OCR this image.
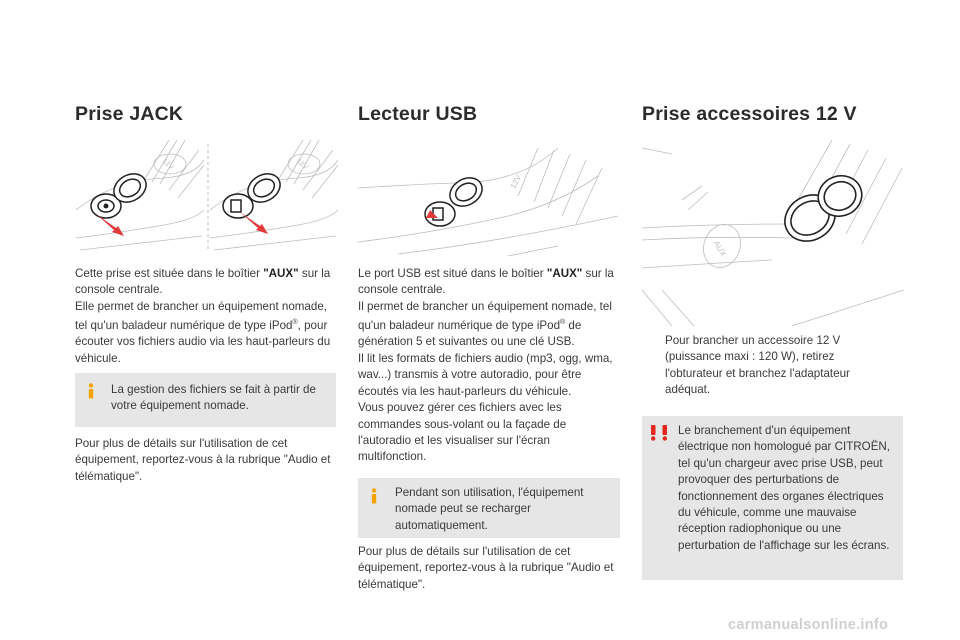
Prise JACK
12V	12V
Cette prise est située dans le boîtier "AUX" sur la console centrale.
Elle permet de brancher un équipement nomade, tel qu'un baladeur numérique de type iPod®, pour écouter vos fichiers audio via les haut-parleurs du véhicule.
La gestion des fichiers se fait à partir de votre équipement nomade.
Pour plus de détails sur l'utilisation de cet équipement, reportez-vous à la rubrique "Audio et télématique".
Lecteur USB
12V
Le port USB est situé dans le boîtier "AUX" sur la console centrale.
Il permet de brancher un équipement nomade, tel qu'un baladeur numérique de type iPod® de génération 5 et suivantes ou une clé USB.
Il lit les formats de fichiers audio (mp3, ogg, wma, wav...) transmis à votre autoradio, pour être écoutés via les haut-parleurs du véhicule.
Vous pouvez gérer ces fichiers avec les commandes sous-volant ou la façade de l'autoradio et les visualiser sur l'écran multifonction.
Pendant son utilisation, l'équipement nomade peut se recharger automatiquement.
Pour plus de détails sur l'utilisation de cet équipement, reportez-vous à la rubrique "Audio et télématique".
Prise accessoires 12 V
AUX
Pour brancher un accessoire 12 V (puissance maxi : 120 W), retirez l'obturateur et branchez l'adaptateur adéquat.
Le branchement d'un équipement électrique non homologué par CITROËN, tel qu'un chargeur avec prise USB, peut provoquer des perturbations de fonctionnement des organes électriques du véhicule, comme une mauvaise réception radiophonique ou une perturbation de l'affichage sur les écrans.
carmanualsonline.info
